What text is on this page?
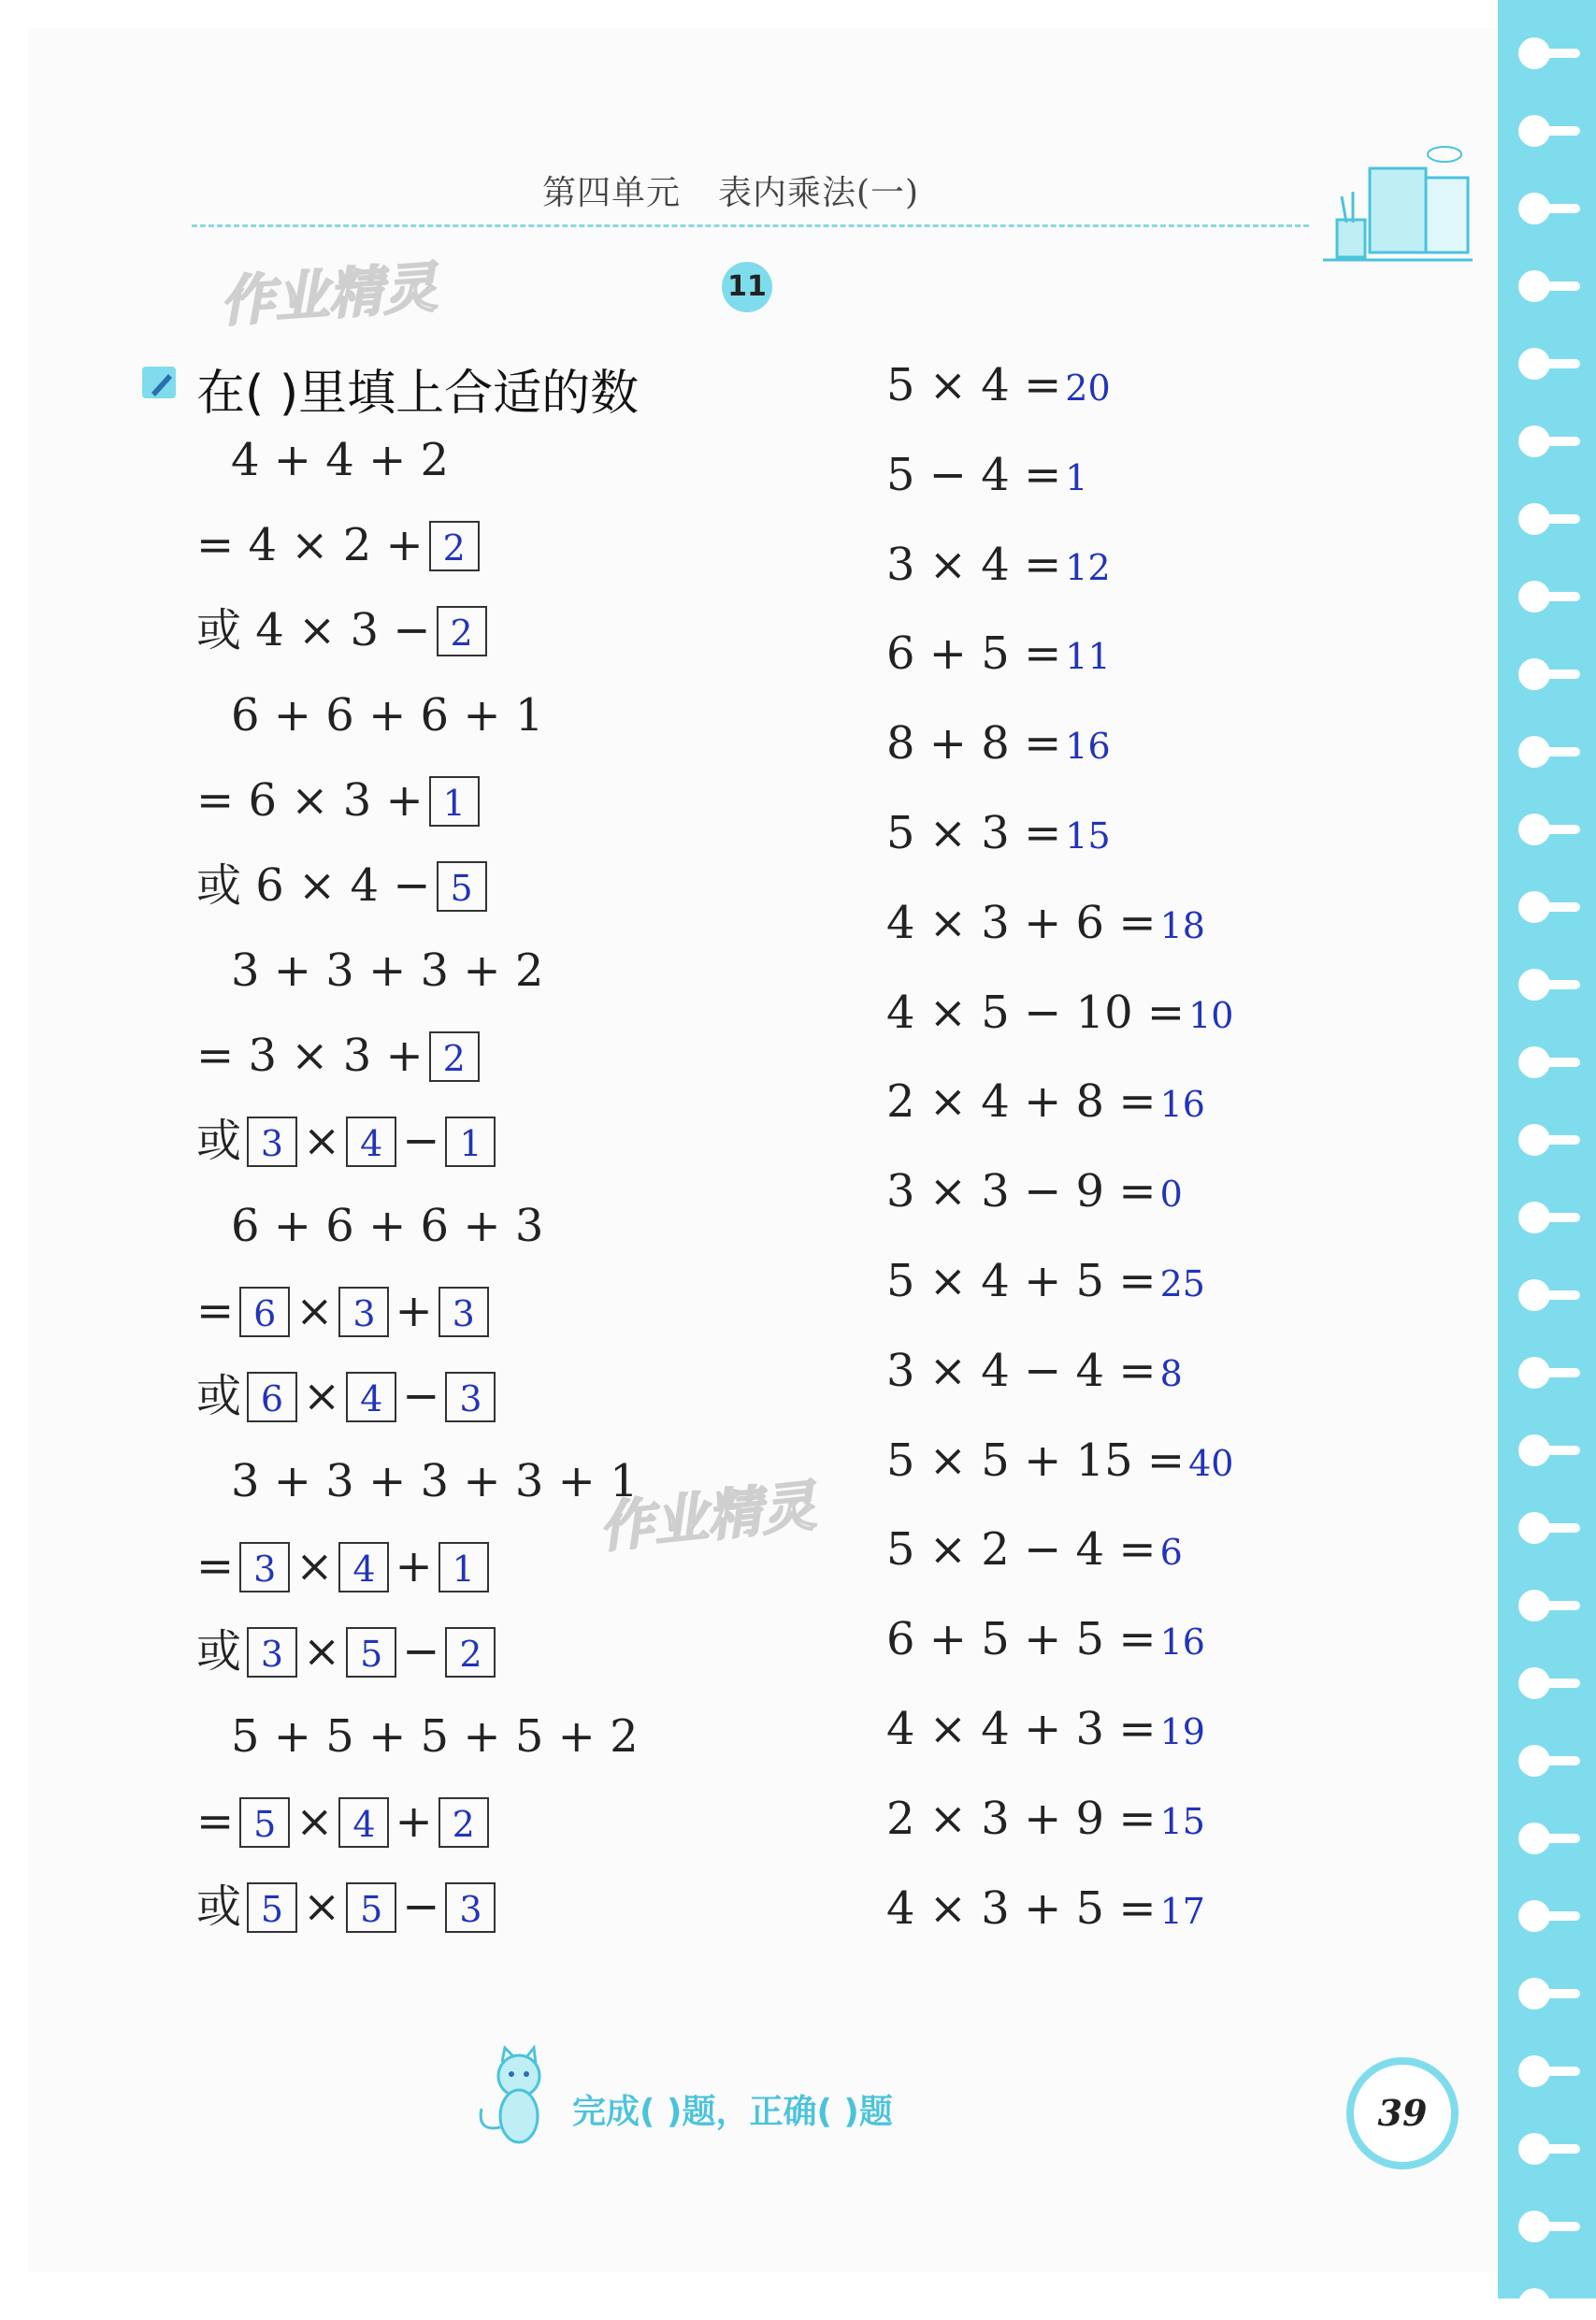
第四单元 表内乘法(一)
作业精灵
作业精灵
11
在( )里填上合适的数
4 + 4 + 2
= 4 × 2 +2
或 4 × 3 −2
6 + 6 + 6 + 1
= 6 × 3 +1
或 6 × 4 −5
3 + 3 + 3 + 2
= 3 × 3 +2
或3 × 4 − 1
6 + 6 + 6 + 3
=6 × 3 + 3
或6 × 4 − 3
3 + 3 + 3 + 3 + 1
=3 × 4 + 1
或3 × 5 − 2
5 + 5 + 5 + 5 + 2
=5 × 4 + 2
或5 × 5 − 3
5 × 4 = 20
5 − 4 = 1
3 × 4 = 12
6 + 5 = 11
8 + 8 = 16
5 × 3 = 15
4 × 3 + 6 = 18
4 × 5 − 10 = 10
2 × 4 + 8 = 16
3 × 3 − 9 = 0
5 × 4 + 5 = 25
3 × 4 − 4 = 8
5 × 5 + 15 = 40
5 × 2 − 4 = 6
6 + 5 + 5 = 16
4 × 4 + 3 = 19
2 × 3 + 9 = 15
4 × 3 + 5 = 17
完成( )题，正确( )题	39
